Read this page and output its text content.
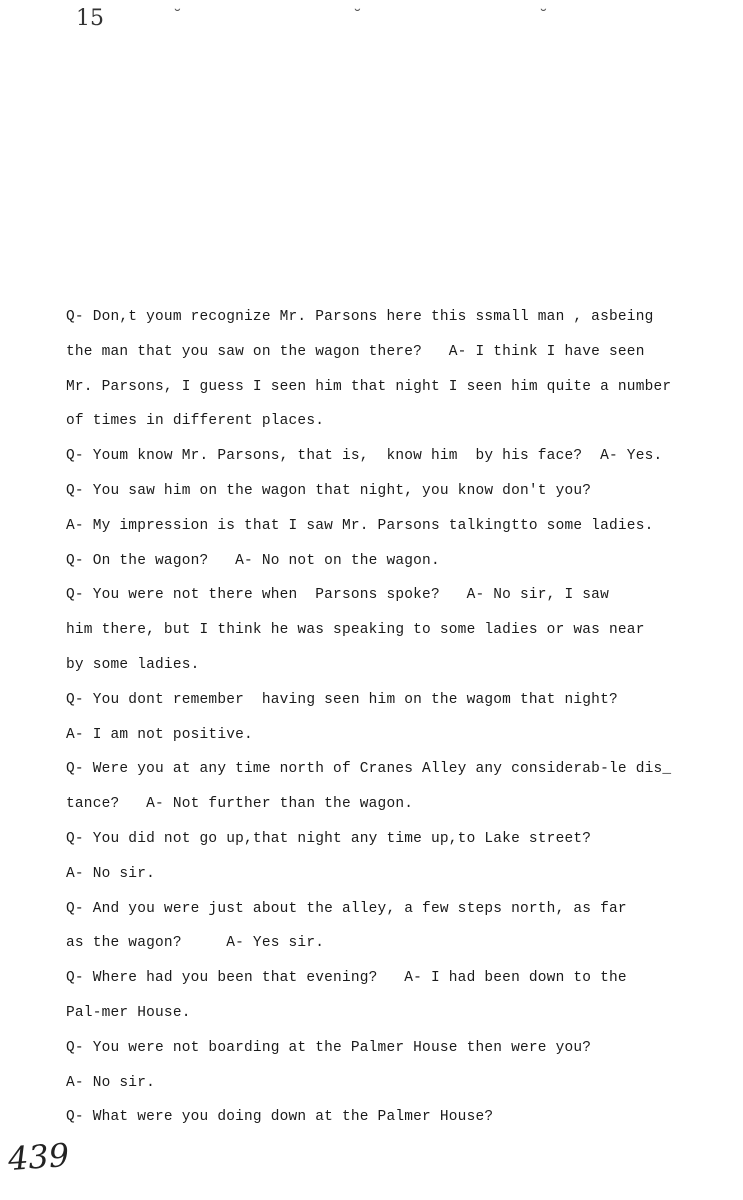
15	˘	˘	˘
Q- Don,t youm recognize Mr. Parsons here this ssmall man , asbeing
the man that you saw on the wagon there?   A- I think I have seen
Mr. Parsons, I guess I seen him that night I seen him quite a number
of times in different places.
Q- Youm know Mr. Parsons, that is,  know him  by his face?  A- Yes.
Q- You saw him on the wagon that night, you know don't you?
A- My impression is that I saw Mr. Parsons talkingtto some ladies.
Q- On the wagon?   A- No not on the wagon.
Q- You were not there when  Parsons spoke?   A- No sir, I saw
him there, but I think he was speaking to some ladies or was near
by some ladies.
Q- You dont remember  having seen him on the wagom that night?
A- I am not positive.
Q- Were you at any time north of Cranes Alley any considerab-le dis_
tance?   A- Not further than the wagon.
Q- You did not go up,that night any time up,to Lake street?
A- No sir.
Q- And you were just about the alley, a few steps north, as far
as the wagon?     A- Yes sir.
Q- Where had you been that evening?   A- I had been down to the
Pal-mer House.
Q- You were not boarding at the Palmer House then were you?
A- No sir.
Q- What were you doing down at the Palmer House?
439
